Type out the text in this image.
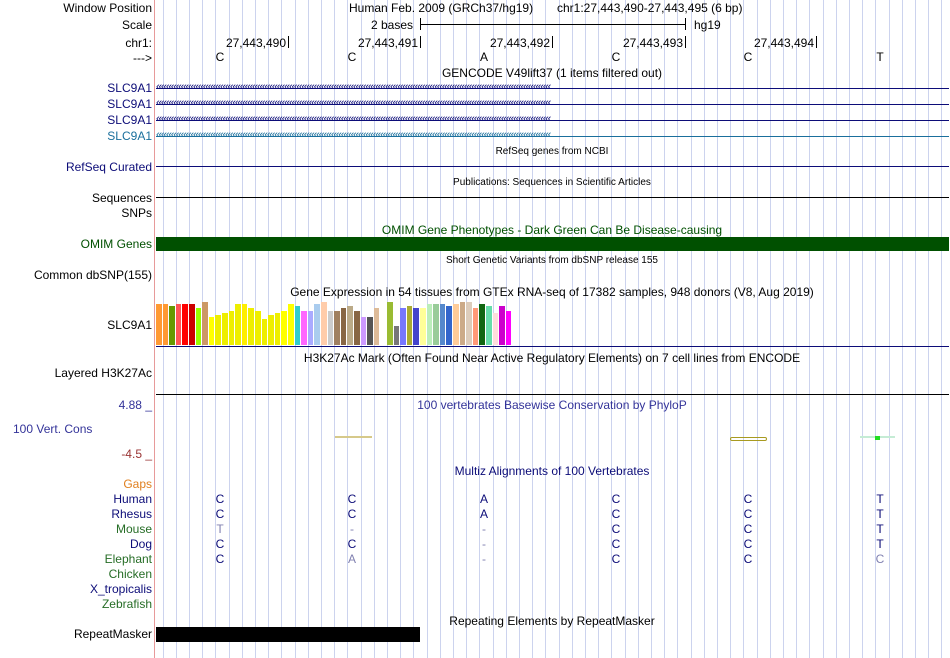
Window Position	Human Feb. 2009 (GRCh37/hg19) chr1:27,443,490-27,443,495 (6 bp)
Scale	2 bases	hg19
chr1:	27,443,490	27,443,491	27,443,492	27,443,493	27,443,494
--->	C	C	A	C	C	T
GENCODE V49lift37 (1 items filtered out)
SLC9A1 ‹‹‹‹‹‹‹‹‹‹‹‹‹‹‹‹‹‹‹‹‹‹‹‹‹‹‹‹‹‹‹‹‹‹‹‹‹‹‹‹‹‹‹‹‹‹‹‹‹‹‹‹‹‹‹‹‹‹‹‹‹‹‹‹‹‹‹‹‹‹‹‹‹‹‹‹‹‹‹‹‹‹‹‹‹‹‹‹‹‹‹‹‹‹‹‹‹‹‹‹‹‹‹‹‹‹‹‹‹‹‹‹‹‹‹‹‹‹‹‹‹‹‹‹‹‹‹‹‹‹‹‹‹‹‹‹‹‹‹‹‹‹‹‹‹‹‹‹‹‹‹‹‹‹‹‹‹‹‹‹
SLC9A1 ‹‹‹‹‹‹‹‹‹‹‹‹‹‹‹‹‹‹‹‹‹‹‹‹‹‹‹‹‹‹‹‹‹‹‹‹‹‹‹‹‹‹‹‹‹‹‹‹‹‹‹‹‹‹‹‹‹‹‹‹‹‹‹‹‹‹‹‹‹‹‹‹‹‹‹‹‹‹‹‹‹‹‹‹‹‹‹‹‹‹‹‹‹‹‹‹‹‹‹‹‹‹‹‹‹‹‹‹‹‹‹‹‹‹‹‹‹‹‹‹‹‹‹‹‹‹‹‹‹‹‹‹‹‹‹‹‹‹‹‹‹‹‹‹‹‹‹‹‹‹‹‹‹‹‹‹‹‹‹‹
SLC9A1 ‹‹‹‹‹‹‹‹‹‹‹‹‹‹‹‹‹‹‹‹‹‹‹‹‹‹‹‹‹‹‹‹‹‹‹‹‹‹‹‹‹‹‹‹‹‹‹‹‹‹‹‹‹‹‹‹‹‹‹‹‹‹‹‹‹‹‹‹‹‹‹‹‹‹‹‹‹‹‹‹‹‹‹‹‹‹‹‹‹‹‹‹‹‹‹‹‹‹‹‹‹‹‹‹‹‹‹‹‹‹‹‹‹‹‹‹‹‹‹‹‹‹‹‹‹‹‹‹‹‹‹‹‹‹‹‹‹‹‹‹‹‹‹‹‹‹‹‹‹‹‹‹‹‹‹‹‹‹‹‹
SLC9A1 ‹‹‹‹‹‹‹‹‹‹‹‹‹‹‹‹‹‹‹‹‹‹‹‹‹‹‹‹‹‹‹‹‹‹‹‹‹‹‹‹‹‹‹‹‹‹‹‹‹‹‹‹‹‹‹‹‹‹‹‹‹‹‹‹‹‹‹‹‹‹‹‹‹‹‹‹‹‹‹‹‹‹‹‹‹‹‹‹‹‹‹‹‹‹‹‹‹‹‹‹‹‹‹‹‹‹‹‹‹‹‹‹‹‹‹‹‹‹‹‹‹‹‹‹‹‹‹‹‹‹‹‹‹‹‹‹‹‹‹‹‹‹‹‹‹‹‹‹‹‹‹‹‹‹‹‹‹‹‹‹
RefSeq genes from NCBI
RefSeq Curated
Publications: Sequences in Scientific Articles
Sequences
SNPs
OMIM Gene Phenotypes - Dark Green Can Be Disease-causing
OMIM Genes
Short Genetic Variants from dbSNP release 155
Common dbSNP(155)
Gene Expression in 54 tissues from GTEx RNA-seq of 17382 samples, 948 donors (V8, Aug 2019)
SLC9A1
H3K27Ac Mark (Often Found Near Active Regulatory Elements) on 7 cell lines from ENCODE
Layered H3K27Ac
4.88 _	100 vertebrates Basewise Conservation by PhyloP
100 Vert. Cons
-4.5 _
Multiz Alignments of 100 Vertebrates
Gaps
Human	C	C	A	C	C	T
Rhesus	C	C	A	C	C	T
Mouse	T	-	-	C	C	T
Dog	C	C	-	C	C	T
Elephant	C	A	-	C	C	C
Chicken
X_tropicalis
Zebrafish
Repeating Elements by RepeatMasker
RepeatMasker
